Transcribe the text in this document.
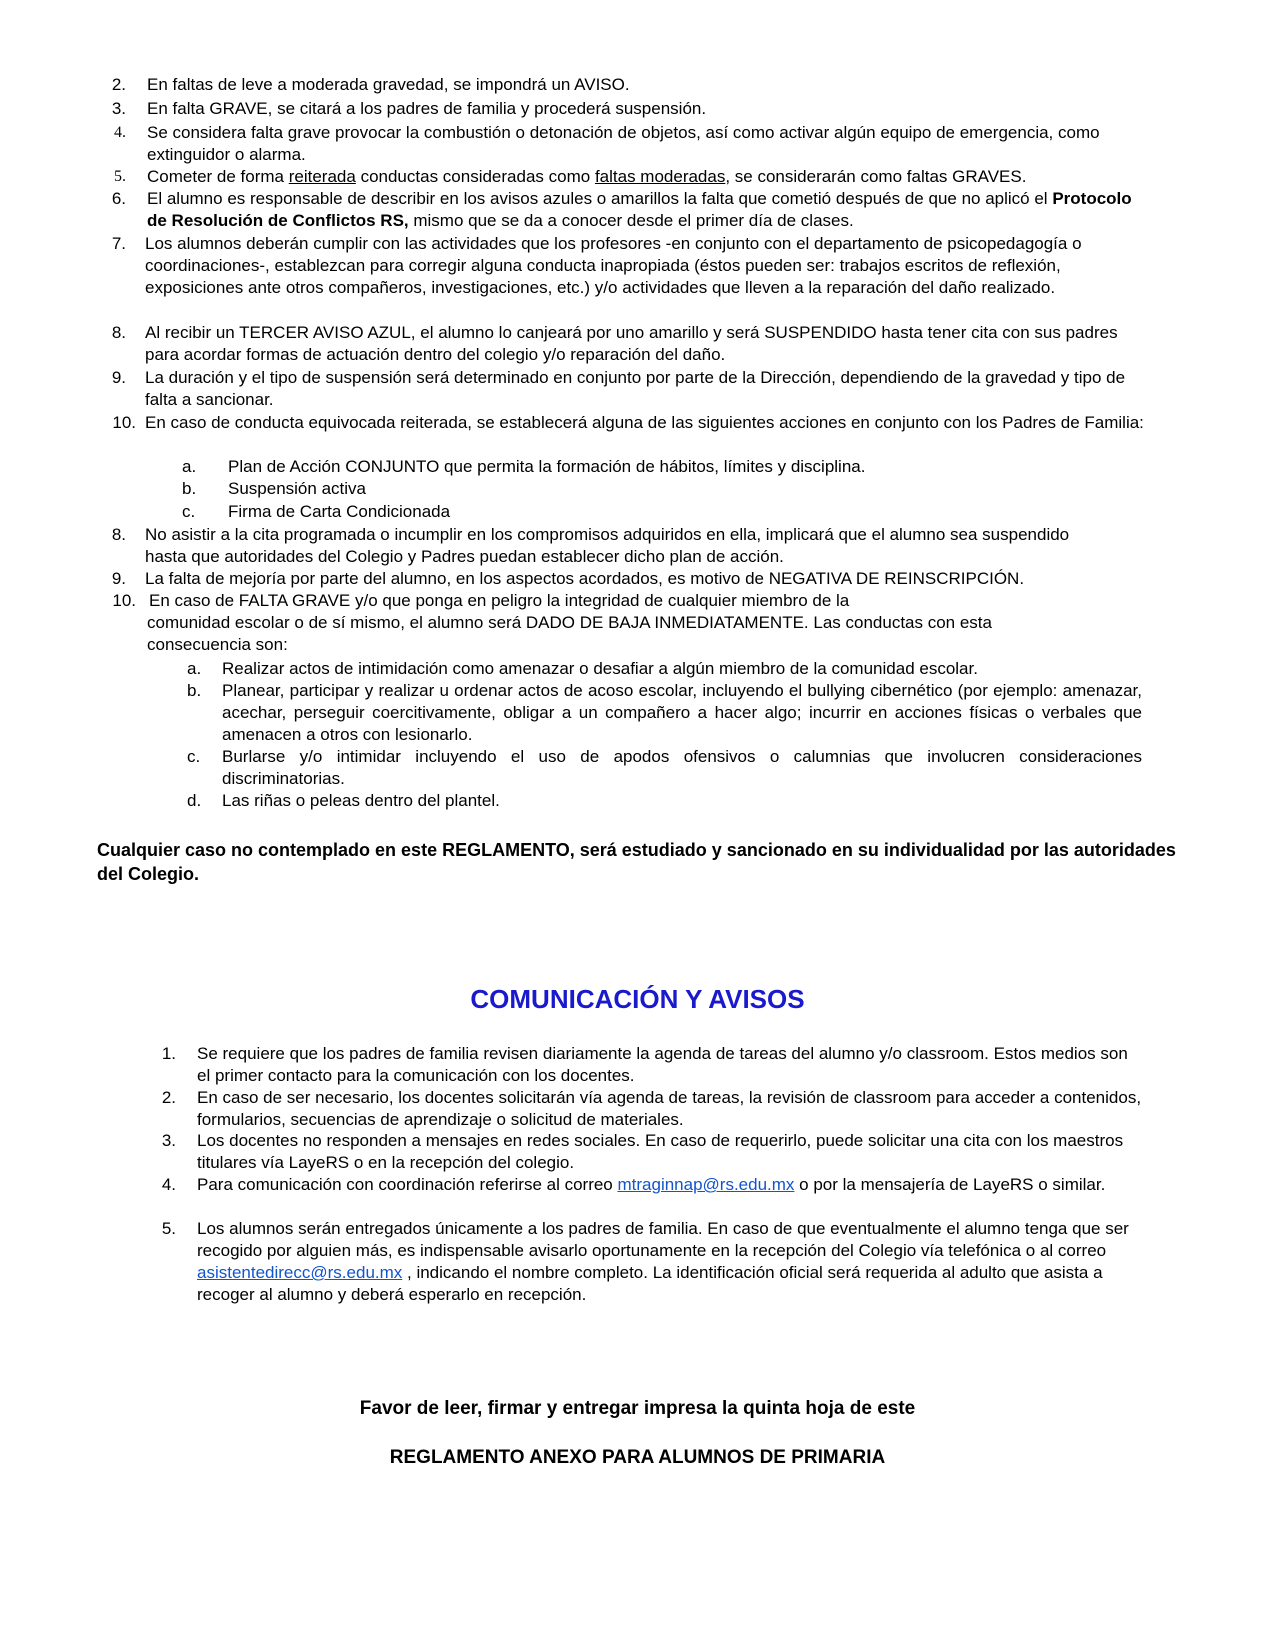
2. En faltas de leve a moderada gravedad, se impondrá un AVISO.
3. En falta GRAVE, se citará a los padres de familia y procederá suspensión.
4. Se considera falta grave provocar la combustión o detonación de objetos, así como activar algún equipo de emergencia, como extinguidor o alarma.
5. Cometer de forma reiterada conductas consideradas como faltas moderadas, se considerarán como faltas GRAVES.
6. El alumno es responsable de describir en los avisos azules o amarillos la falta que cometió después de que no aplicó el Protocolo de Resolución de Conflictos RS, mismo que se da a conocer desde el primer día de clases.
7. Los alumnos deberán cumplir con las actividades que los profesores -en conjunto con el departamento de psicopedagogía o coordinaciones-, establezcan para corregir alguna conducta inapropiada (éstos pueden ser: trabajos escritos de reflexión, exposiciones ante otros compañeros, investigaciones, etc.) y/o actividades que lleven a la reparación del daño realizado.
8. Al recibir un TERCER AVISO AZUL, el alumno lo canjeará por uno amarillo y será SUSPENDIDO hasta tener cita con sus padres para acordar formas de actuación dentro del colegio y/o reparación del daño.
9. La duración y el tipo de suspensión será determinado en conjunto por parte de la Dirección, dependiendo de la gravedad y tipo de falta a sancionar.
10. En caso de conducta equivocada reiterada, se establecerá alguna de las siguientes acciones en conjunto con los Padres de Familia:
a. Plan de Acción CONJUNTO que permita la formación de hábitos, límites y disciplina.
b. Suspensión activa
c. Firma de Carta Condicionada
8. No asistir a la cita programada o incumplir en los compromisos adquiridos en ella, implicará que el alumno sea suspendido hasta que autoridades del Colegio y Padres puedan establecer dicho plan de acción.
9. La falta de mejoría por parte del alumno, en los aspectos acordados, es motivo de NEGATIVA DE REINSCRIPCIÓN.
10. En caso de FALTA GRAVE y/o que ponga en peligro la integridad de cualquier miembro de la
comunidad escolar o de sí mismo, el alumno será DADO DE BAJA INMEDIATAMENTE. Las conductas con esta consecuencia son:
a. Realizar actos de intimidación como amenazar o desafiar a algún miembro de la comunidad escolar.
b. Planear, participar y realizar u ordenar actos de acoso escolar, incluyendo el bullying cibernético (por ejemplo: amenazar, acechar, perseguir coercitivamente, obligar a un compañero a hacer algo; incurrir en acciones físicas o verbales que amenacen a otros con lesionarlo.
c. Burlarse y/o intimidar incluyendo el uso de apodos ofensivos o calumnias que involucren consideraciones discriminatorias.
d. Las riñas o peleas dentro del plantel.
Cualquier caso no contemplado en este REGLAMENTO, será estudiado y sancionado en su individualidad por las autoridades del Colegio.
COMUNICACIÓN Y AVISOS
1. Se requiere que los padres de familia revisen diariamente la agenda de tareas del alumno y/o classroom. Estos medios son el primer contacto para la comunicación con los docentes.
2. En caso de ser necesario, los docentes solicitarán vía agenda de tareas, la revisión de classroom para acceder a contenidos, formularios, secuencias de aprendizaje o solicitud de materiales.
3. Los docentes no responden a mensajes en redes sociales. En caso de requerirlo, puede solicitar una cita con los maestros titulares vía LayeRS o en la recepción del colegio.
4. Para comunicación con coordinación referirse al correo mtraginnap@rs.edu.mx o por la mensajería de LayeRS o similar.
5. Los alumnos serán entregados únicamente a los padres de familia. En caso de que eventualmente el alumno tenga que ser recogido por alguien más, es indispensable avisarlo oportunamente en la recepción del Colegio vía telefónica o al correo asistentedirecc@rs.edu.mx , indicando el nombre completo. La identificación oficial será requerida al adulto que asista a recoger al alumno y deberá esperarlo en recepción.
Favor de leer, firmar y entregar impresa la quinta hoja de este
REGLAMENTO ANEXO PARA ALUMNOS DE PRIMARIA
